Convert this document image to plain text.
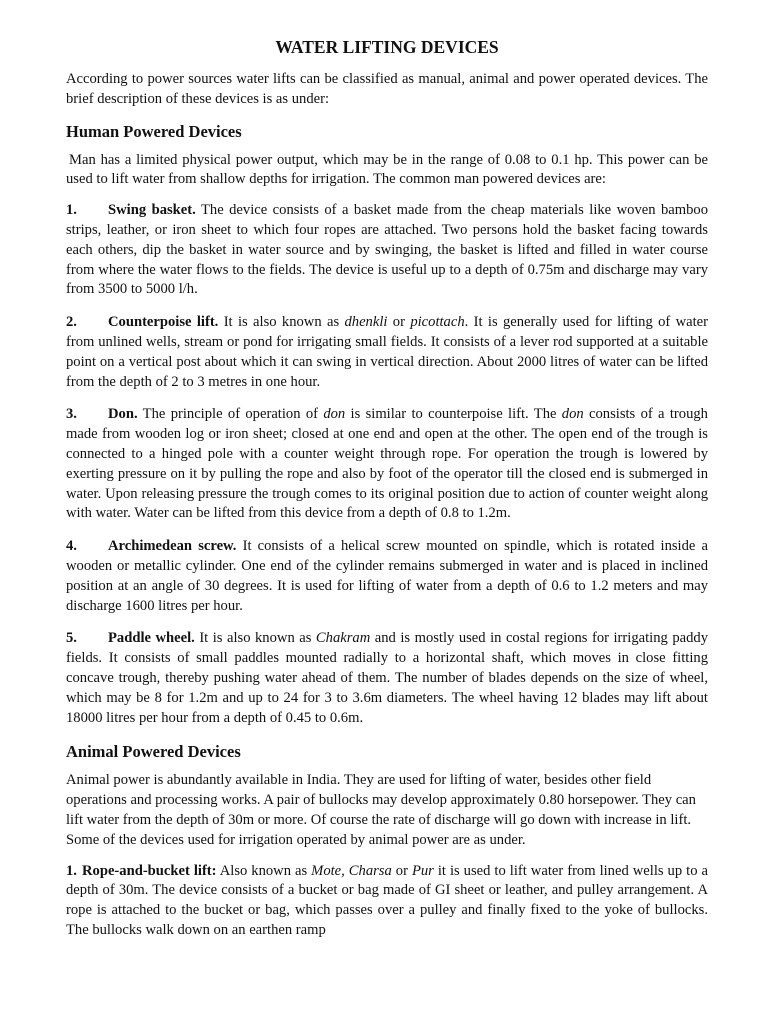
WATER LIFTING DEVICES

According to power sources water lifts can be classified as manual, animal and power operated devices. The brief description of these devices is as under:

Human Powered Devices

Man has a limited physical power output, which may be in the range of 0.08 to 0.1 hp. This power can be used to lift water from shallow depths for irrigation. The common man powered devices are:

1. Swing basket. The device consists of a basket made from the cheap materials like woven bamboo strips, leather, or iron sheet to which four ropes are attached. Two persons hold the basket facing towards each others, dip the basket in water source and by swinging, the basket is lifted and filled in water course from where the water flows to the fields. The device is useful up to a depth of 0.75m and discharge may vary from 3500 to 5000 l/h.

2. Counterpoise lift. It is also known as dhenkli or picottach. It is generally used for lifting of water from unlined wells, stream or pond for irrigating small fields. It consists of a lever rod supported at a suitable point on a vertical post about which it can swing in vertical direction. About 2000 litres of water can be lifted from the depth of 2 to 3 metres in one hour.

3. Don. The principle of operation of don is similar to counterpoise lift. The don consists of a trough made from wooden log or iron sheet; closed at one end and open at the other. The open end of the trough is connected to a hinged pole with a counter weight through rope. For operation the trough is lowered by exerting pressure on it by pulling the rope and also by foot of the operator till the closed end is submerged in water. Upon releasing pressure the trough comes to its original position due to action of counter weight along with water. Water can be lifted from this device from a depth of 0.8 to 1.2m.

4. Archimedean screw. It consists of a helical screw mounted on spindle, which is rotated inside a wooden or metallic cylinder. One end of the cylinder remains submerged in water and is placed in inclined position at an angle of 30 degrees. It is used for lifting of water from a depth of 0.6 to 1.2 meters and may discharge 1600 litres per hour.

5. Paddle wheel. It is also known as Chakram and is mostly used in costal regions for irrigating paddy fields. It consists of small paddles mounted radially to a horizontal shaft, which moves in close fitting concave trough, thereby pushing water ahead of them. The number of blades depends on the size of wheel, which may be 8 for 1.2m and up to 24 for 3 to 3.6m diameters. The wheel having 12 blades may lift about 18000 litres per hour from a depth of 0.45 to 0.6m.

Animal Powered Devices

Animal power is abundantly available in India. They are used for lifting of water, besides other field operations and processing works. A pair of bullocks may develop approximately 0.80 horsepower. They can lift water from the depth of 30m or more. Of course the rate of discharge will go down with increase in lift. Some of the devices used for irrigation operated by animal power are as under.

1. Rope-and-bucket lift: Also known as Mote, Charsa or Pur it is used to lift water from lined wells up to a depth of 30m. The device consists of a bucket or bag made of GI sheet or leather, and pulley arrangement. A rope is attached to the bucket or bag, which passes over a pulley and finally fixed to the yoke of bullocks. The bullocks walk down on an earthen ramp
